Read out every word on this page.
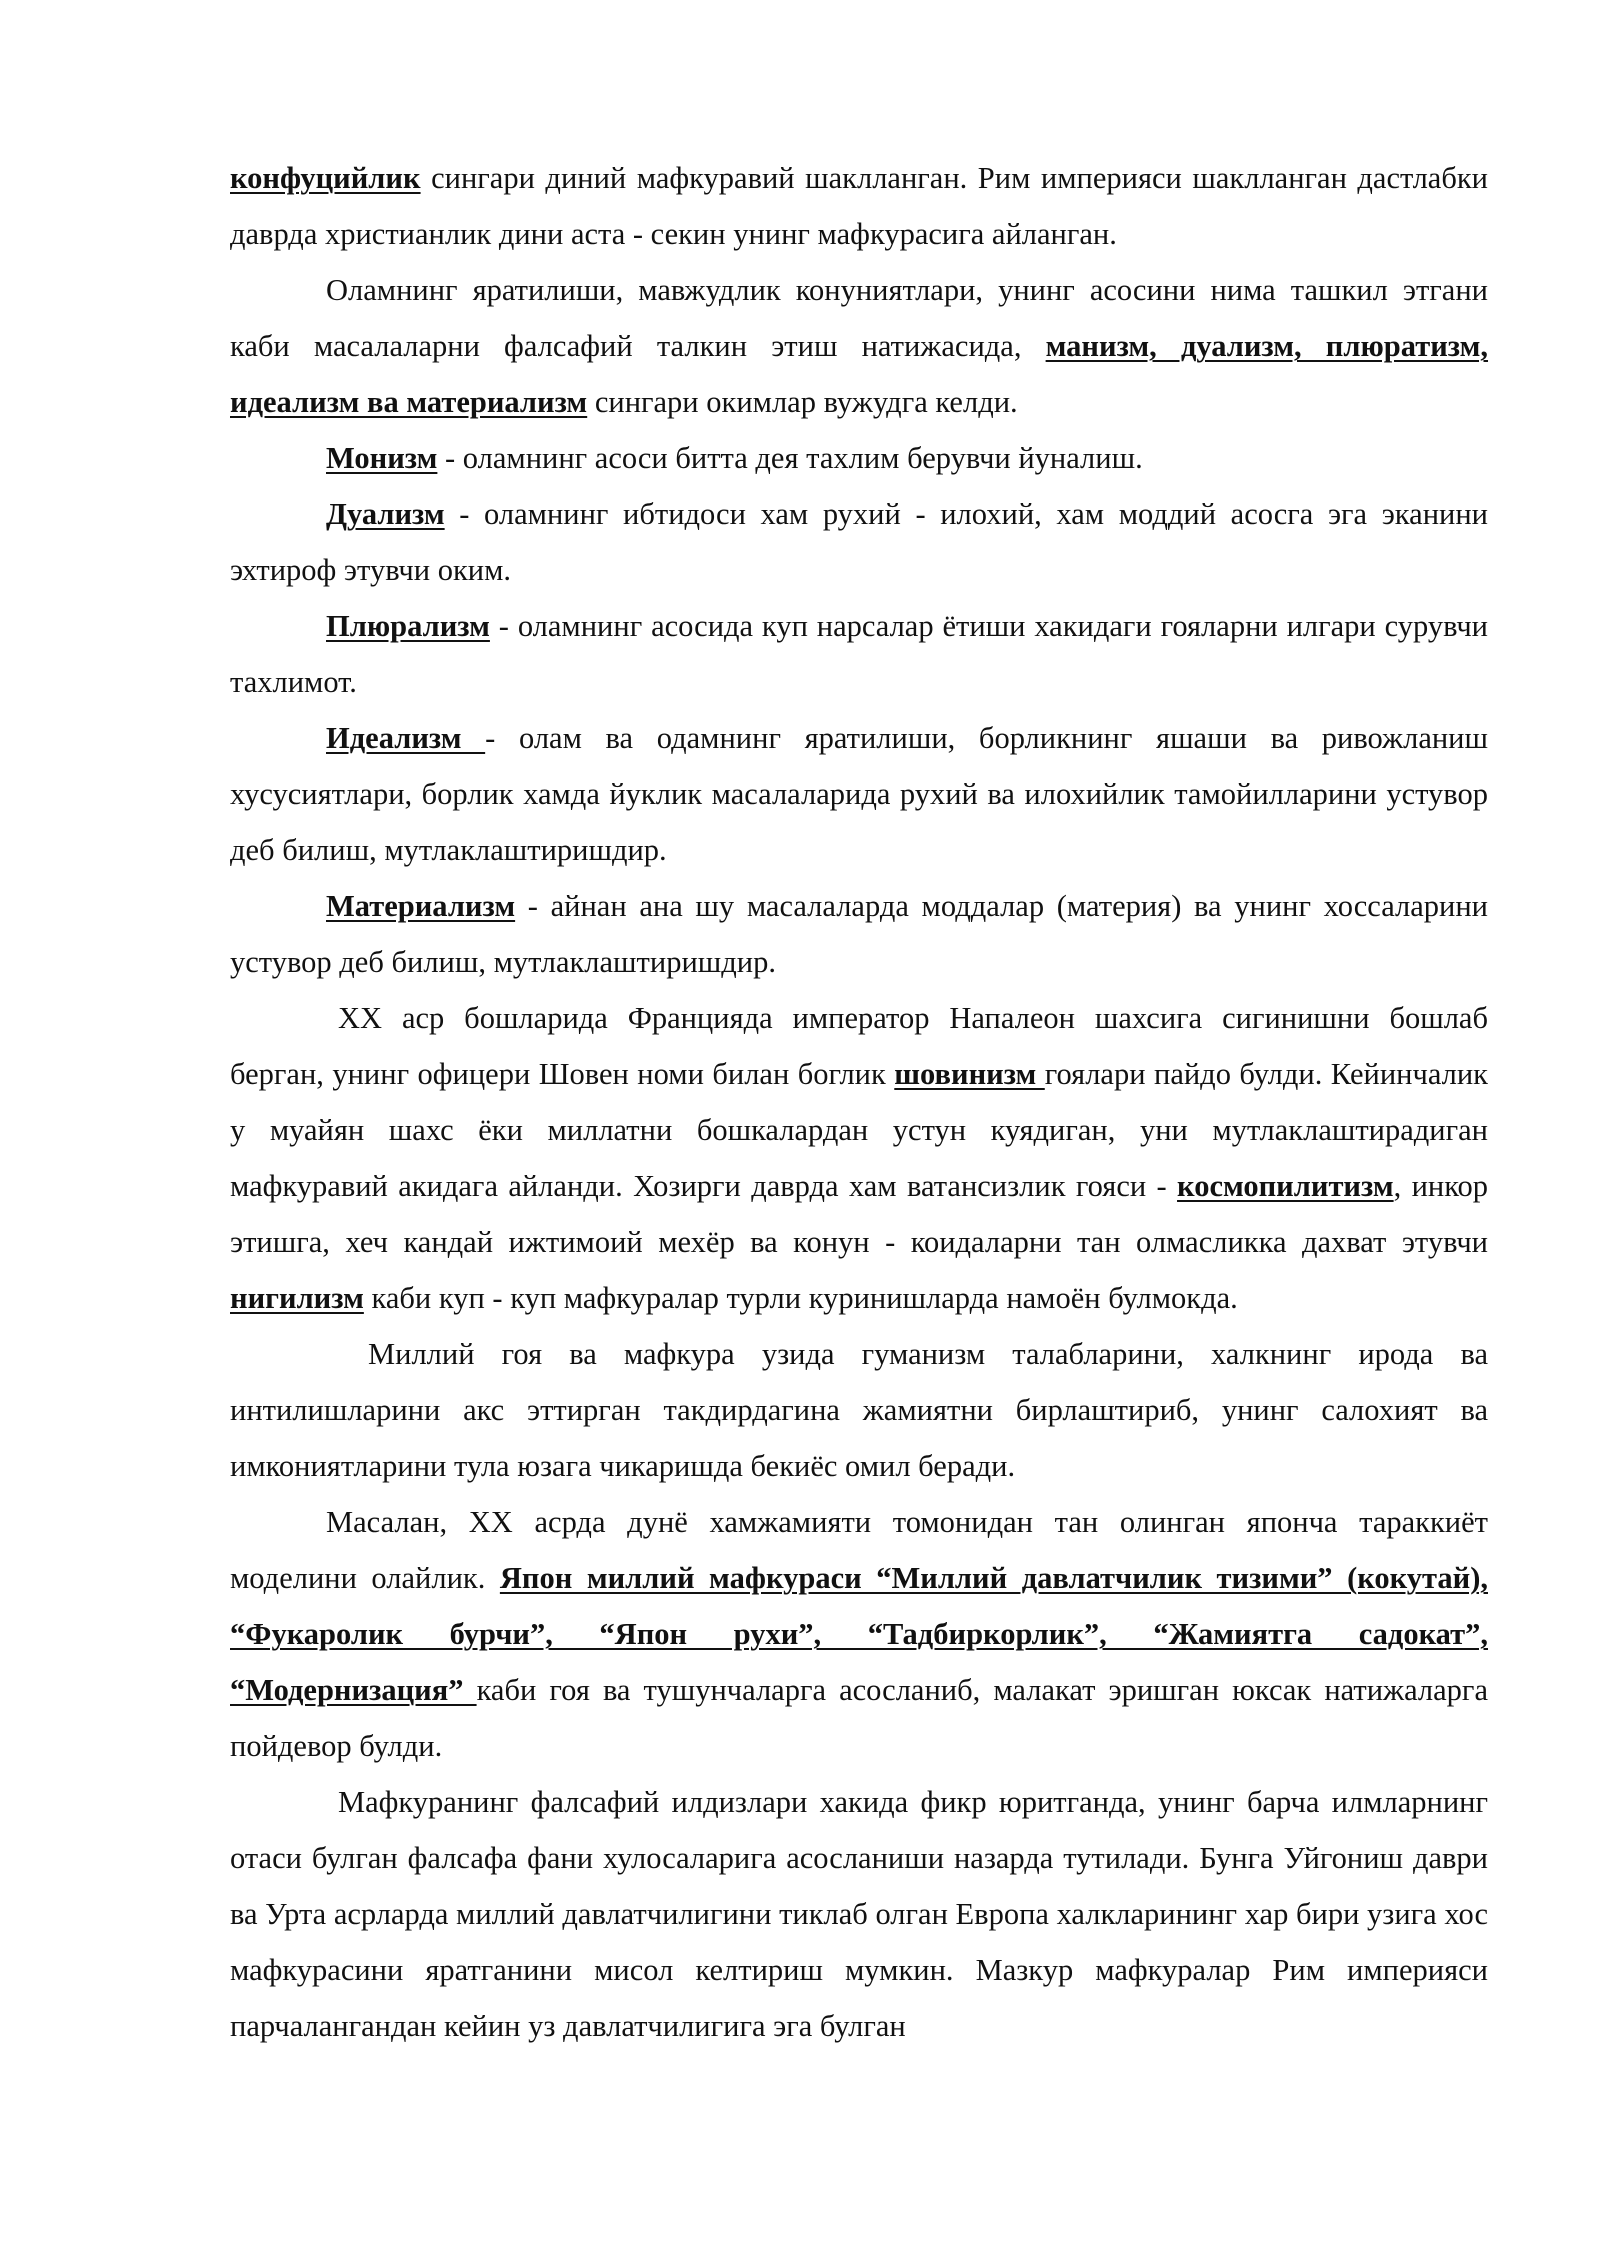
конфуцийлик сингари диний мафкуравий шаклланган. Рим империяси шаклланган дастлабки даврда христианлик дини аста - секин унинг мафкурасига айланган.

Оламнинг яратилиши, мавжудлик конуниятлари, унинг асосини нима ташкил этгани каби масалаларни фалсафий талкин этиш натижасида, манизм, дуализм, плюратизм, идеализм ва материализм сингари окимлар вужудга келди.

Монизм - оламнинг асоси битта дея тахлим берувчи йуналиш.

Дуализм - оламнинг ибтидоси хам рухий - илохий, хам моддий асосга эга эканини эхтироф этувчи оким.

Плюрализм - оламнинг асосида куп нарсалар ётиши хакидаги гояларни илгари сурувчи тахлимот.

Идеализм - олам ва одамнинг яратилиши, борликнинг яшаши ва ривожланиш хусусиятлари, борлик хамда йуклик масалаларида рухий ва илохийлик тамойилларини устувор деб билиш, мутлаклаштиришдир.

Материализм - айнан ана шу масалаларда моддалар (материя) ва унинг хоссаларини устувор деб билиш, мутлаклаштиришдир.

XX аср бошларида Францияда император Напалеон шахсига сигинишни бошлаб берган, унинг офицери Шовен номи билан боглик шовинизм гоялари пайдо булди. Кейинчалик у муайян шахс ёки миллатни бошкалардан устун куядиган, уни мутлаклаштирадиган мафкуравий акидага айланди. Хозирги даврда хам ватансизлик гояси - космопилитизм, инкор этишга, хеч кандай ижтимоий мехёр ва конун - коидаларни тан олмасликка дахват этувчи нигилизм каби куп - куп мафкуралар турли куринишларда намоён булмокда.

Миллий гоя ва мафкура узида гуманизм талабларини, халкнинг ирода ва интилишларини акс эттирган такдирдагина жамиятни бирлаштириб, унинг салохият ва имкониятларини тула юзага чикаришда бекиёс омил беради.

Масалан, XX асрда дунё хамжамияти томонидан тан олинган япончa тараккиёт моделини олайлик. Япон миллий мафкураси “Миллий давлатчилик тизими” (кокутай), “Фукаролик бурчи”, “Япон рухи”, “Тадбиркорлик”, “Жамиятга садокат”, “Модернизация” каби гоя ва тушунчаларга асосланиб, малакат эришган юксак натижаларга пойдевор булди.

Мафкуранинг фалсафий илдизлари хакида фикр юритганда, унинг барча илмларнинг отаси булган фалсафа фани хулосаларига асосланиши назарда тутилади. Бунга Уйгониш даври ва Урта асрларда миллий давлатчилигини тиклаб олган Европа халкларининг хар бири узига хос мафкурасини яратганини мисол келтириш мумкин. Мазкур мафкуралар Рим империяси парчалангандан кейин уз давлатчилигига эга булган
